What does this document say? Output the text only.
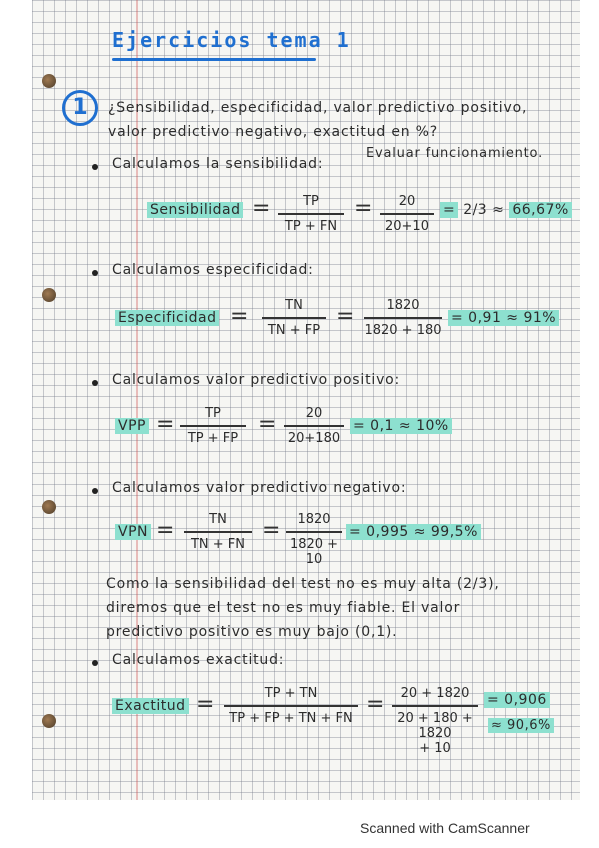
Ejercicios tema 1
1	¿Sensibilidad, especificidad, valor predictivo positivo,
valor predictivo negativo, exactitud en %?
Evaluar funcionamiento.
Calculamos la sensibilidad:
Sensibilidad =	TP
TP + FN
=	20
20+10
= 2/3 ≈ 66,67%
Calculamos especificidad:
Especificidad =	TN
TN + FP
=	1820
1820 + 180
= 0,91 ≈ 91%
Calculamos valor predictivo positivo:
VPP =	TP
TP + FP
=	20
20+180
= 0,1 ≈ 10%
Calculamos valor predictivo negativo:
VPN =	TN
TN + FN
=	1820
1820 + 10
= 0,995 ≈ 99,5%
Como la sensibilidad del test no es muy alta (2/3),
diremos que el test no es muy fiable. El valor
predictivo positivo es muy bajo (0,1).
Calculamos exactitud:
Exactitud =	TP + TN
TP + FP + TN + FN
=	20 + 1820
20 + 180 + 1820
+ 10
= 0,906
≈ 90,6%
Scanned with CamScanner
